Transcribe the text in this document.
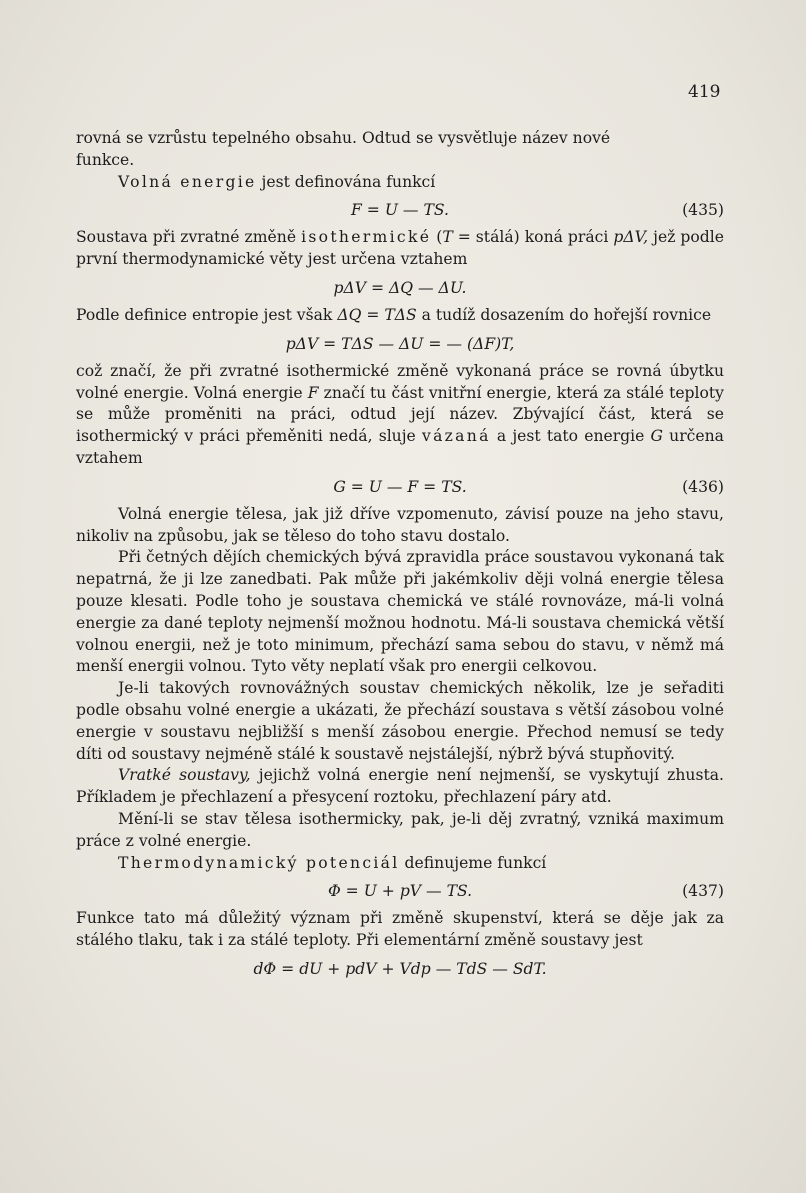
419

rovná se vzrůstu tepelného obsahu. Odtud se vysvětluje název nové
funkce.

Volná energie jest definována funkcí

F = U — TS.	(435)

Soustava při zvratné změně isothermické (T = stálá) koná práci pΔV, jež podle první thermodynamické věty jest určena vztahem

pΔV = ΔQ — ΔU.

Podle definice entropie jest však ΔQ = TΔS a tudíž dosazením do hořejší rovnice

pΔV = TΔS — ΔU = — (ΔF)T,

což značí, že při zvratné isothermické změně vykonaná práce se rovná úbytku volné energie. Volná energie F značí tu část vnitřní energie, která za stálé teploty se může proměniti na práci, odtud její název. Zbývající část, která se isothermický v práci přeměniti nedá, sluje vázaná a jest tato energie G určena vztahem

G = U — F = TS.	(436)

Volná energie tělesa, jak již dříve vzpomenuto, závisí pouze na jeho stavu, nikoliv na způsobu, jak se těleso do toho stavu dostalo.

Při četných dějích chemických bývá zpravidla práce soustavou vykonaná tak nepatrná, že ji lze zanedbati. Pak může při jakémkoliv ději volná energie tělesa pouze klesati. Podle toho je soustava chemická ve stálé rovnováze, má-li volná energie za dané teploty nejmenší možnou hodnotu. Má-li soustava chemická větší volnou energii, než je toto minimum, přechází sama sebou do stavu, v němž má menší energii volnou. Tyto věty neplatí však pro energii celkovou.

Je-li takových rovnovážných soustav chemických několik, lze je seřaditi podle obsahu volné energie a ukázati, že přechází soustava s větší zásobou volné energie v soustavu nejbližší s menší zásobou energie. Přechod nemusí se tedy díti od soustavy nejméně stálé k soustavě nejstálejší, nýbrž bývá stupňovitý.

Vratké soustavy, jejichž volná energie není nejmenší, se vyskytují zhusta. Příkladem je přechlazení a přesycení roztoku, přechlazení páry atd.

Mění-li se stav tělesa isothermicky, pak, je-li děj zvratný, vzniká maximum práce z volné energie.

Thermodynamický potenciál definujeme funkcí

Φ = U + pV — TS.	(437)

Funkce tato má důležitý význam při změně skupenství, která se děje jak za stálého tlaku, tak i za stálé teploty. Při elementární změně soustavy jest

dΦ = dU + pdV + Vdp — TdS — SdT.
